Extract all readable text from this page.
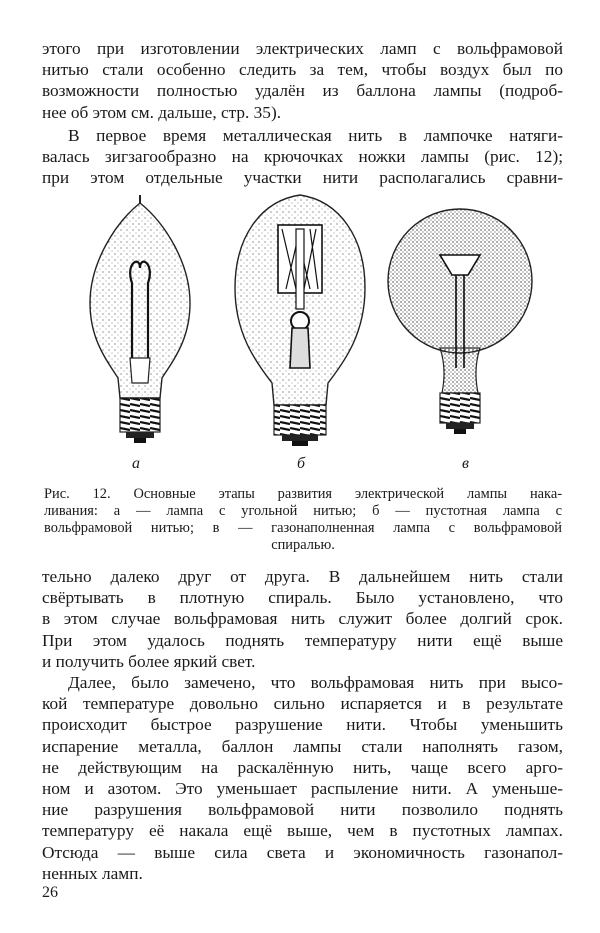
этого при изготовлении электрических ламп с вольфрамовой
нитью стали особенно следить за тем, чтобы воздух был по
возможности полностью удалён из баллона лампы (подроб-
нее об этом см. дальше, стр. 35).
В первое время металлическая нить в лампочке натяги-
валась зигзагообразно на крючочках ножки лампы (рис. 12);
при этом отдельные участки нити располагались сравни-
а	б	в
Рис. 12. Основные этапы развития электрической лампы нака-
ливания: а — лампа с угольной нитью; б — пустотная лампа с
вольфрамовой нитью; в — газонаполненная лампа с вольфрамовой
спиралью.
тельно далеко друг от друга. В дальнейшем нить стали
свёртывать в плотную спираль. Было установлено, что
в этом случае вольфрамовая нить служит более долгий срок.
При этом удалось поднять температуру нити ещё выше
и получить более яркий свет.
Далее, было замечено, что вольфрамовая нить при высо-
кой температуре довольно сильно испаряется и в результате
происходит быстрое разрушение нити. Чтобы уменьшить
испарение металла, баллон лампы стали наполнять газом,
не действующим на раскалённую нить, чаще всего арго-
ном и азотом. Это уменьшает распыление нити. А уменьше-
ние разрушения вольфрамовой нити позволило поднять
температуру её накала ещё выше, чем в пустотных лампах.
Отсюда — выше сила света и экономичность газонапол-
ненных ламп.
26
